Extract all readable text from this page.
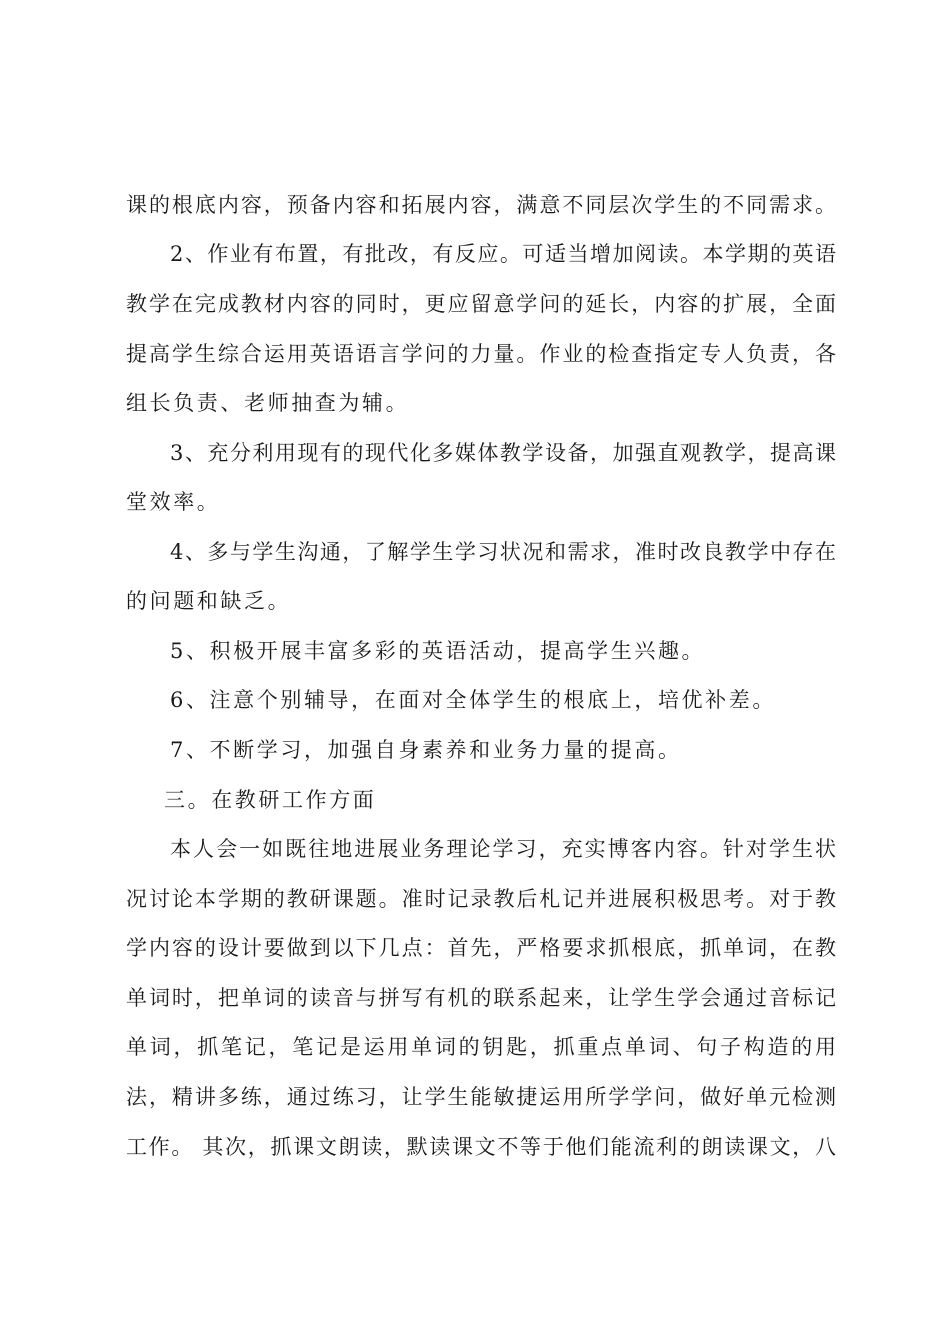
课的根底内容，预备内容和拓展内容，满意不同层次学生的不同需求。
2、作业有布置，有批改，有反应。可适当增加阅读。本学期的英语
教学在完成教材内容的同时，更应留意学问的延长，内容的扩展，全面
提高学生综合运用英语语言学问的力量。作业的检查指定专人负责，各
组长负责、老师抽查为辅。
3、充分利用现有的现代化多媒体教学设备，加强直观教学，提高课
堂效率。
4、多与学生沟通，了解学生学习状况和需求，准时改良教学中存在
的问题和缺乏。
5、积极开展丰富多彩的英语活动，提高学生兴趣。
6、注意个别辅导，在面对全体学生的根底上，培优补差。
7、不断学习，加强自身素养和业务力量的提高。
三。在教研工作方面
本人会一如既往地进展业务理论学习，充实博客内容。针对学生状
况讨论本学期的教研课题。准时记录教后札记并进展积极思考。对于教
学内容的设计要做到以下几点：首先，严格要求抓根底，抓单词，在教
单词时，把单词的读音与拼写有机的联系起来，让学生学会通过音标记
单词，抓笔记，笔记是运用单词的钥匙，抓重点单词、句子构造的用
法，精讲多练，通过练习，让学生能敏捷运用所学学问，做好单元检测
工作。 其次，抓课文朗读，默读课文不等于他们能流利的朗读课文，八
